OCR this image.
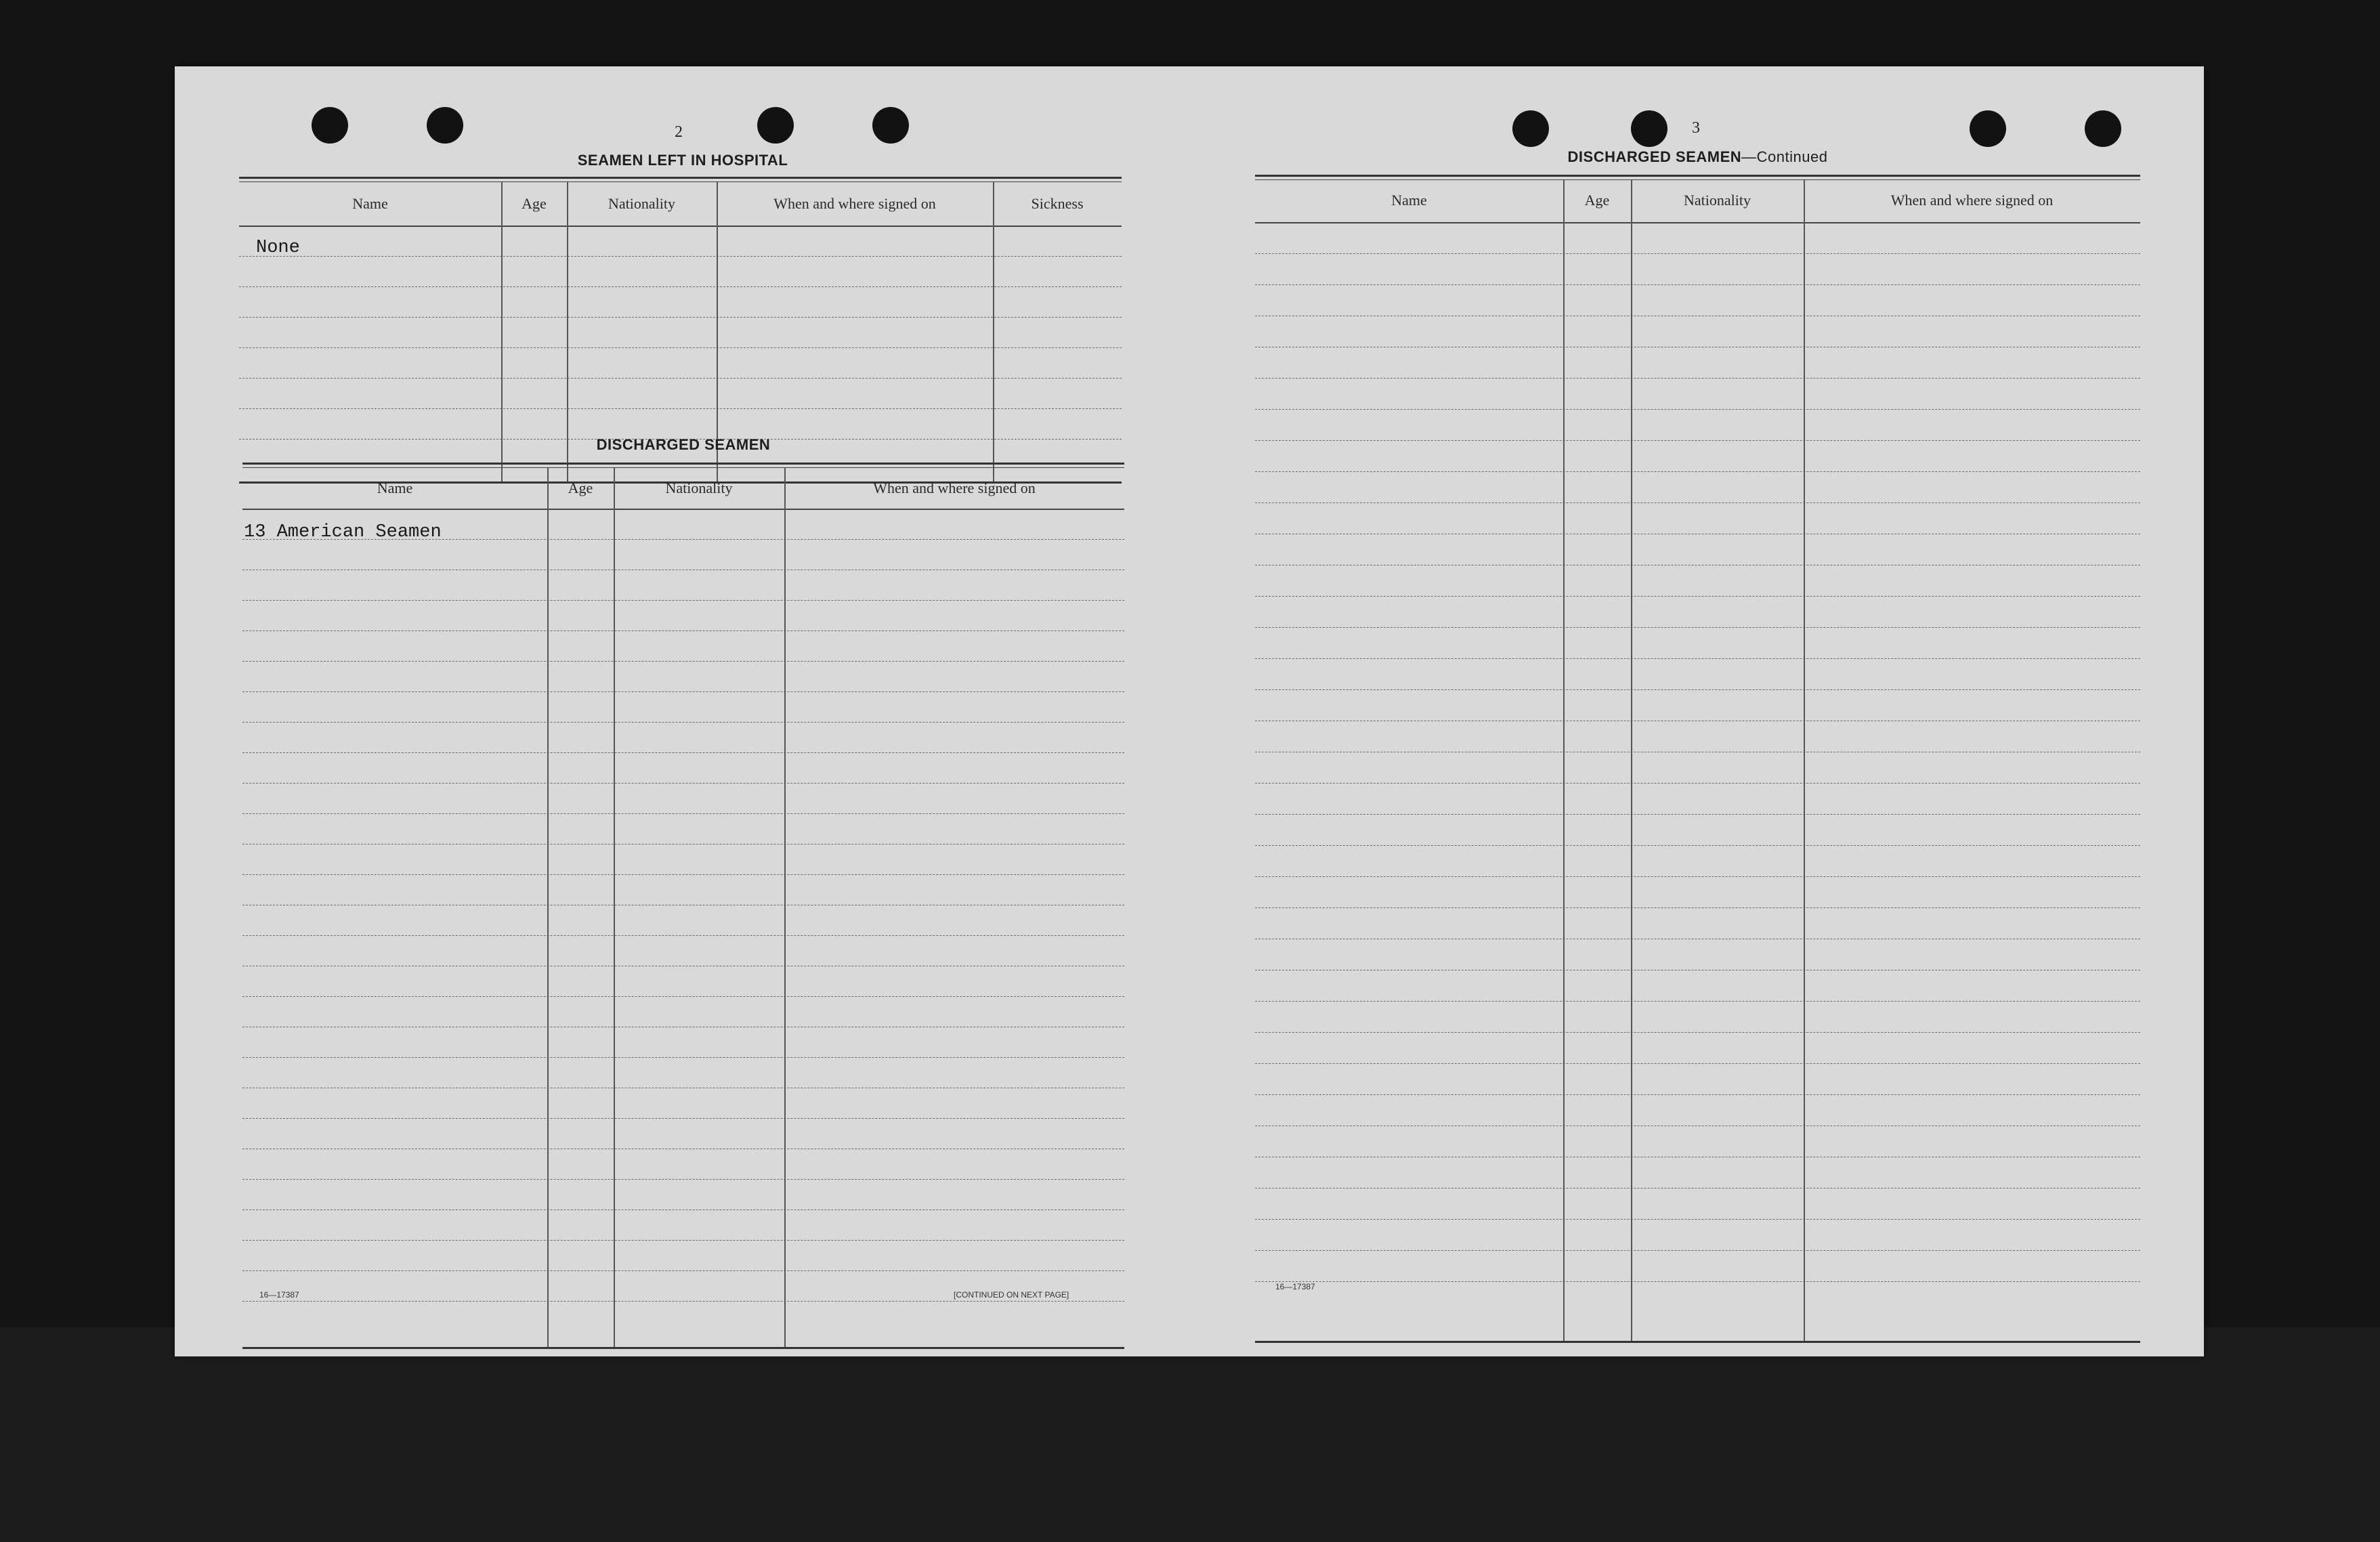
2
SEAMEN LEFT IN HOSPITAL
Name	Age	Nationality	When and where signed on	Sickness
None
DISCHARGED SEAMEN
Name	Age	Nationality	When and where signed on
13 American Seamen
16—17387	[CONTINUED ON NEXT PAGE]
3
DISCHARGED SEAMEN—Continued
Name	Age	Nationality	When and where signed on
16—17387
